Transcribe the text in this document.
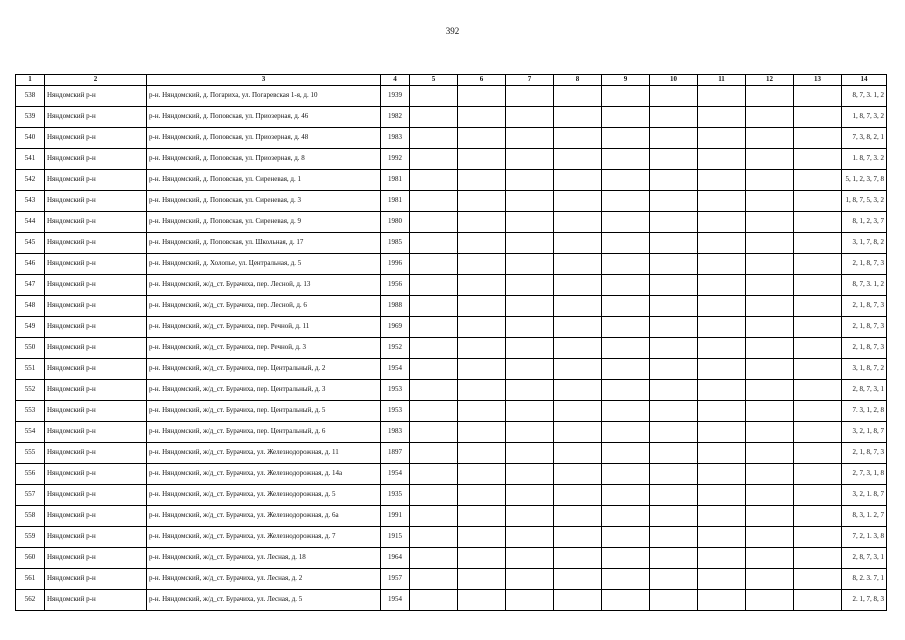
392
1	2	3	4	5	6	7	8	9	10	11	12	13	14
538	Няндомский р-н	р-н. Няндомский, д. Погариха, ул. Погаревская 1-я, д. 10	1939										8, 7, 3. 1, 2
539	Няндомский р-н	р-н. Няндомский, д. Поповская, ул. Приозерная, д. 46	1982										1, 8, 7, 3, 2
540	Няндомский р-н	р-н. Няндомский, д. Поповская, ул. Приозерная, д. 48	1983										7, 3, 8, 2, 1
541	Няндомский р-н	р-н. Няндомский, д. Поповская, ул. Приозерная, д. 8	1992										1. 8, 7, 3. 2
542	Няндомский р-н	р-н. Няндомский, д. Поповская, ул. Сиреневая, д. 1	1981										5, 1, 2, 3, 7, 8
543	Няндомский р-н	р-н. Няндомский, д. Поповская, ул. Сиреневая, д. 3	1981										1, 8, 7, 5, 3, 2
544	Няндомский р-н	р-н. Няндомский, д. Поповская, ул. Сиреневая, д. 9	1980										8, 1, 2, 3, 7
545	Няндомский р-н	р-н. Няндомский, д. Поповская, ул. Школьная, д. 17	1985										3, 1, 7, 8, 2
546	Няндомский р-н	р-н. Няндомский, д. Холопье, ул. Центральная, д. 5	1996										2, 1, 8, 7, 3
547	Няндомский р-н	р-н. Няндомский, ж/д_ст. Бурачиха, пер. Лесной, д. 13	1956										8, 7, 3. 1, 2
548	Няндомский р-н	р-н. Няндомский, ж/д_ст. Бурачиха, пер. Лесной, д. 6	1988										2, 1, 8, 7, 3
549	Няндомский р-н	р-н. Няндомский, ж/д_ст. Бурачиха, пер. Речной, д. 11	1969										2, 1, 8, 7, 3
550	Няндомский р-н	р-н. Няндомский, ж/д_ст. Бурачиха, пер. Речной, д. 3	1952										2, 1, 8, 7, 3
551	Няндомский р-н	р-н. Няндомский, ж/д_ст. Бурачиха, пер. Центральный, д. 2	1954										3, 1, 8, 7, 2
552	Няндомский р-н	р-н. Няндомский, ж/д_ст. Бурачиха, пер. Центральный, д. 3	1953										2, 8, 7, 3, 1
553	Няндомский р-н	р-н. Няндомский, ж/д_ст. Бурачиха, пер. Центральный, д. 5	1953										7. 3, 1, 2, 8
554	Няндомский р-н	р-н. Няндомский, ж/д_ст. Бурачиха, пер. Центральный, д. 6	1983										3, 2, 1, 8, 7
555	Няндомский р-н	р-н. Няндомский, ж/д_ст. Бурачиха, ул. Железнодорожная, д. 11	1897										2, 1, 8, 7, 3
556	Няндомский р-н	р-н. Няндомский, ж/д_ст. Бурачиха, ул. Железнодорожная, д. 14а	1954										2, 7, 3, 1, 8
557	Няндомский р-н	р-н. Няндомский, ж/д_ст. Бурачиха, ул. Железнодорожная, д. 5	1935										3, 2, 1. 8, 7
558	Няндомский р-н	р-н. Няндомский, ж/д_ст. Бурачиха, ул. Железнодорожная, д. 6а	1991										8, 3, 1. 2, 7
559	Няндомский р-н	р-н. Няндомский, ж/д_ст. Бурачиха, ул. Железнодорожная, д. 7	1915										7, 2, 1. 3, 8
560	Няндомский р-н	р-н. Няндомский, ж/д_ст. Бурачиха, ул. Лесная, д. 18	1964										2, 8, 7, 3, 1
561	Няндомский р-н	р-н. Няндомский, ж/д_ст. Бурачиха, ул. Лесная, д. 2	1957										8, 2. 3. 7, 1
562	Няндомский р-н	р-н. Няндомский, ж/д_ст. Бурачиха, ул. Лесная, д. 5	1954										2. 1, 7, 8, 3
